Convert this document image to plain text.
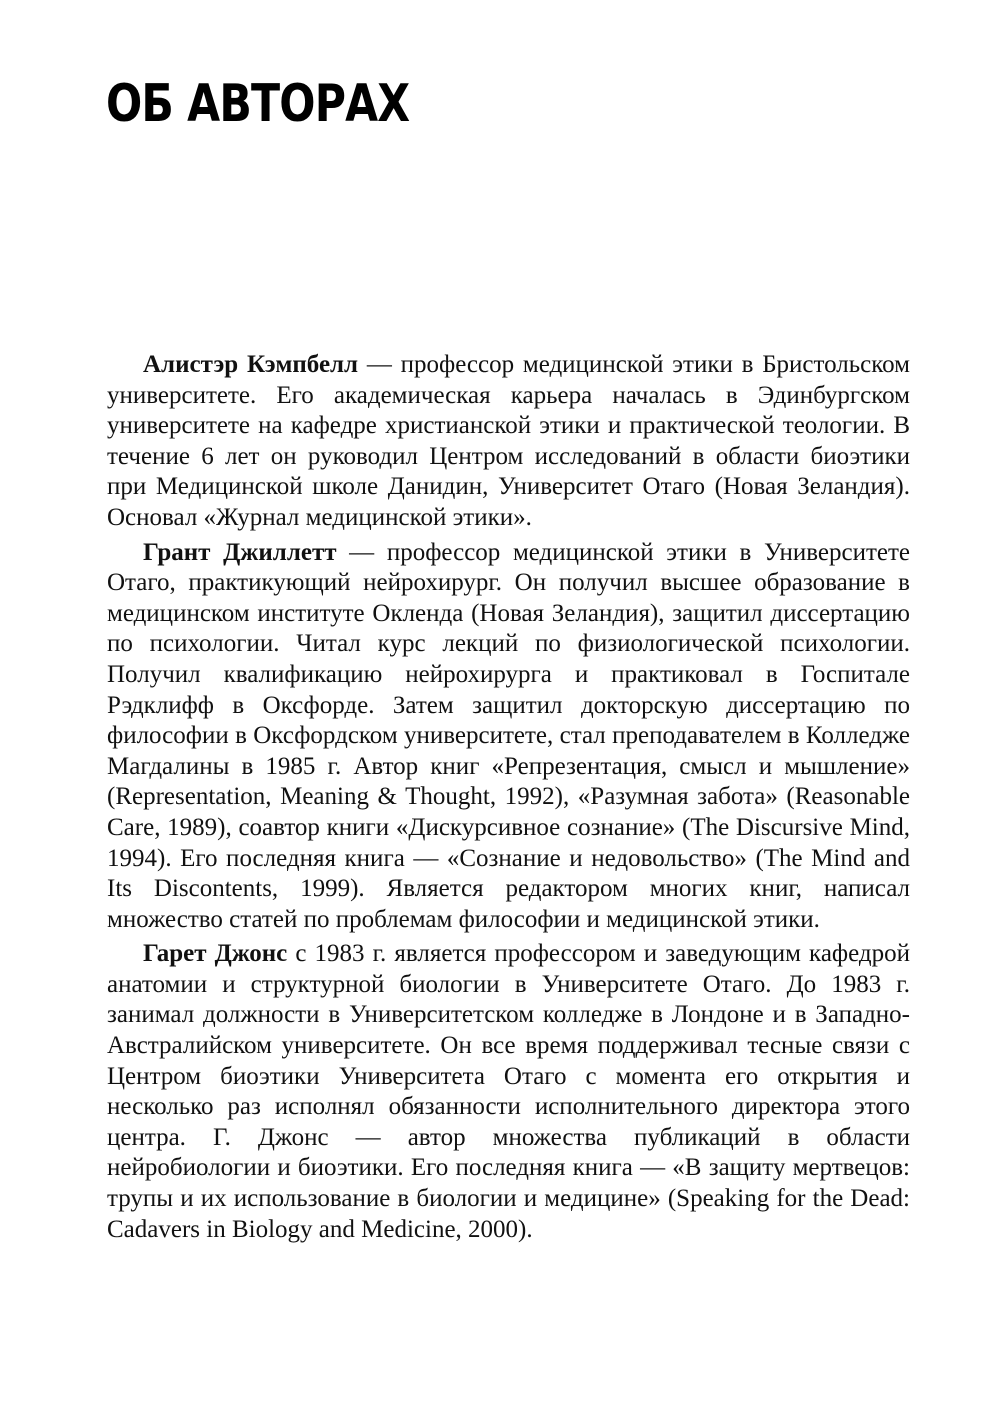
ОБ АВТОРАХ

Алистэр Кэмпбелл — профессор медицинской этики в Бристольском университете. Его академическая карьера началась в Эдинбургском университете на кафедре христианской этики и практической теологии. В течение 6 лет он руководил Центром исследований в области биоэтики при Медицинской школе Данидин, Университет Отаго (Новая Зеландия). Основал «Журнал медицинской этики».

Грант Джиллетт — профессор медицинской этики в Университете Отаго, практикующий нейрохирург. Он получил высшее образование в медицинском институте Окленда (Новая Зеландия), защитил диссертацию по психологии. Читал курс лекций по физиологической психологии. Получил квалификацию нейрохирурга и практиковал в Госпитале Рэдклифф в Оксфорде. Затем защитил докторскую диссертацию по философии в Оксфордском университете, стал преподавателем в Колледже Магдалины в 1985 г. Автор книг «Репрезентация, смысл и мышление» (Representation, Meaning & Thought, 1992), «Разумная забота» (Reasonable Care, 1989), соавтор книги «Дискурсивное сознание» (The Discursive Mind, 1994). Его последняя книга — «Сознание и недовольство» (The Mind and Its Discontents, 1999). Является редактором многих книг, написал множество статей по проблемам философии и медицинской этики.

Гарет Джонс с 1983 г. является профессором и заведующим кафедрой анатомии и структурной биологии в Университете Отаго. До 1983 г. занимал должности в Университетском колледже в Лондоне и в Западно-Австралийском университете. Он все время поддерживал тесные связи с Центром биоэтики Университета Отаго с момента его открытия и несколько раз исполнял обязанности исполнительного директора этого центра. Г. Джонс — автор множества публикаций в области нейробиологии и биоэтики. Его последняя книга — «В защиту мертвецов: трупы и их использование в биологии и медицине» (Speaking for the Dead: Cadavers in Biology and Medicine, 2000).
